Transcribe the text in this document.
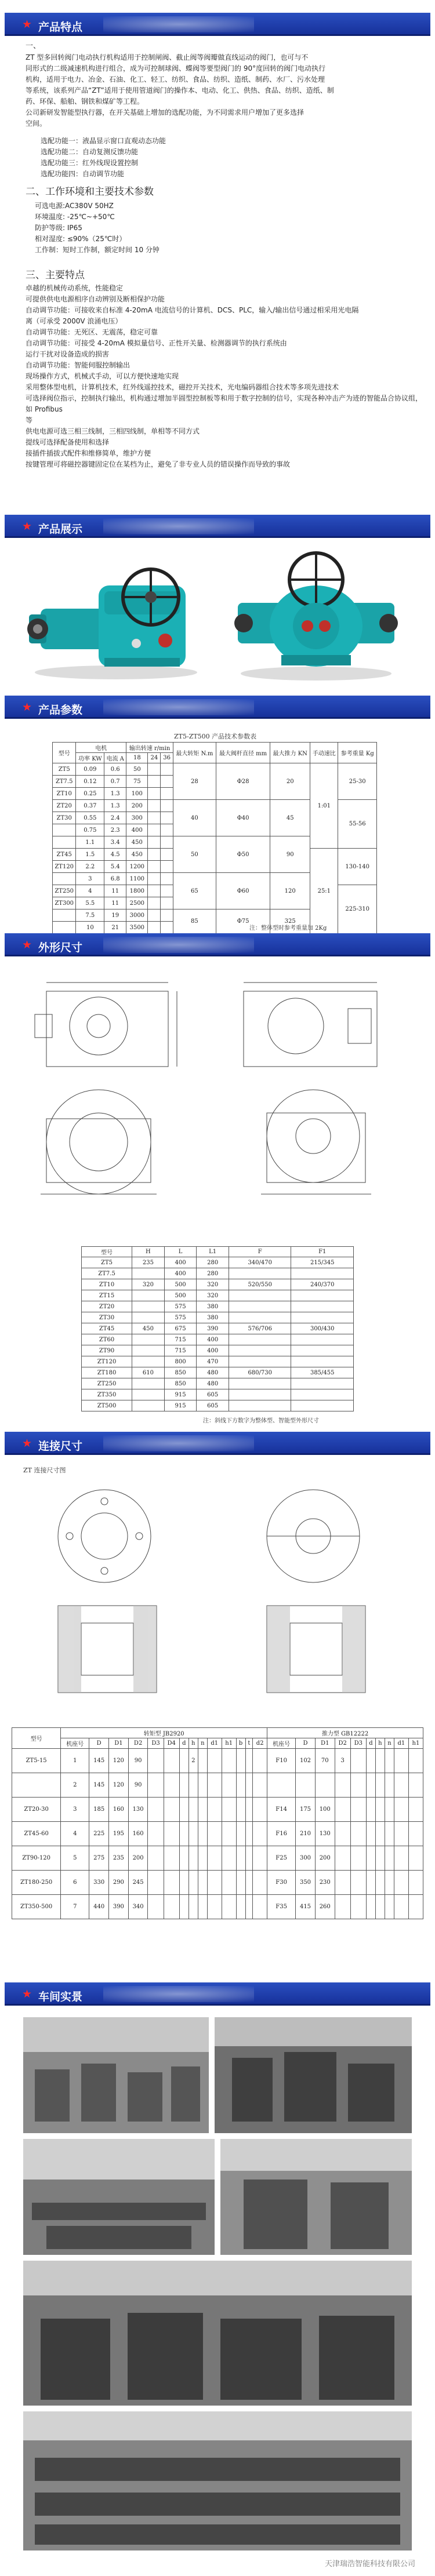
★ 产品特点
一、
ZT 型多回转阀门电动执行机构适用于控制闸阀、截止阀等阀瓣做直线运动的阀门，也可与不
同形式的二级减速机构进行组合，成为可控制球阀、蝶阀等要型阀门的 90°度回转的阀门电动执行
机构，适用于电力、冶金、石油、化工、轻工、纺织、食品、纺织、造纸、制药、水厂、污水处理
等系统，该系列产品“ZT”适用于使用管道阀门的操作本、电动、化工、供热、食品、纺织、造纸、制
药、环保、船舶、钢铁和煤矿等工程。
公司新研发智能型执行器，在开关基础上增加的选配功能，为不同需求用户增加了更多选择
空间。
选配功能一：液晶显示窗口直观动态功能
选配功能二：自动复测反馈功能
选配功能三：红外线现设置控制
选配功能四：自动调节功能
二、工作环境和主要技术参数
可选电源:AC380V 50HZ
环境温度: -25℃~+50℃
防护等级: IP65
相对湿度: ≤90%（25℃时）
工作制：短时工作制，额定时间 10 分钟
三、主要特点
卓越的机械传动系统，性能稳定
可提供供电电源相序自动辨别及断相保护功能
自动调节功能：可接收来自标准 4-20mA 电流信号的计算机、DCS、PLC，输入/输出信号通过相采用光电隔
离（可承受 2000V 浪涌电压）
自动调节功能：无死区、无震荡，稳定可靠
自动调节功能：可接受 4-20mA 模拟量信号、正性开关量、检测器调节的执行系统由
运行干扰对设备造成的损害
自动调节功能：智能伺服控制输出
现场操作方式，机械式手动，可以方便快速地实现
采用整体型电机，计算机技术，红外线遥控技术，磁控开关技术，光电编码器组合技术等多项先进技术
可选择阀位指示，控制执行输出，机构通过增加半圆型控制板等和用于数字控制的信号，实现各种冲击产为迹的智能品合协议组，如 Profibus
等
供电电源可选三相三线制，三相四线制，单相等不同方式
提线可选择配备使用和选择
接插件插拔式配件和维修简单，维护方便
按键管理可将磁控器键固定位在某档为止，避免了非专业人员的错误操作而导致的事故
★ 产品展示
★ 产品参数
ZT5-ZT500 产品技术参数表
型号	电机		输出转速 r/min			最大转矩 N.m	最大阀杆直径 mm	最大推力 KN	手动速比	参考重量 Kg
	功率 KW	电流 A	18	24	36					
ZT5	0.09	0.6	50			28	Φ28	20	1:01	25-30
ZT7.5	0.12	0.7	75							
ZT10	0.25	1.3	100							
ZT20	0.37	1.3	200			40	Φ40	45		55-56
ZT30	0.55	2.4	300							
	0.75	2.3	400							
	1.1	3.4	450			50	Φ50	90		
ZT45	1.5	4.5	450						25:1	130-140
ZT120	2.2	5.4	1200							
	3	6.8	1100			65	Φ60	120		
ZT250	4	11	1800							225-310
ZT300	5.5	11	2500							
	7.5	19	3000			85	Φ75	325		
	10	21	3500								注：整体型时参考重量加 2Kg
★ 外形尺寸
型号	H	L	L1	F	F1
ZT5	235	400	280	340/470	215/345
ZT7.5		400	280		
ZT10	320	500	320	520/550	240/370
ZT15		500	320		
ZT20		575	380		
ZT30		575	380		
ZT45	450	675	390	576/706	300/430
ZT60		715	400		
ZT90		715	400		
ZT120		800	470		
ZT180	610	850	480	680/730	385/455
ZT250		850	480		
ZT350		915	605		
ZT500		915	605		
注：斜线下方数字为整体型、智能型外形尺寸
★ 连接尺寸
ZT 连接尺寸图
型号	转矩型 JB2920														推力型 GB12222									
	机座号	D	D1	D2	D3	D4	d	h	n	d1	h1	b	t	d2	机座号	D	D1	D2	D3	d	h	n	d1	h1
ZT5-15	1	145	120	90				2							F10	102	70	3						
	2	145	120	90																				
ZT20-30	3	185	160	130											F14	175	100							
ZT45-60	4	225	195	160											F16	210	130							
ZT90-120	5	275	235	200											F25	300	200							
ZT180-250	6	330	290	245											F30	350	230							
ZT350-500	7	440	390	340											F35	415	260							
★ 车间实景
天津瑞浩智能科技有限公司
